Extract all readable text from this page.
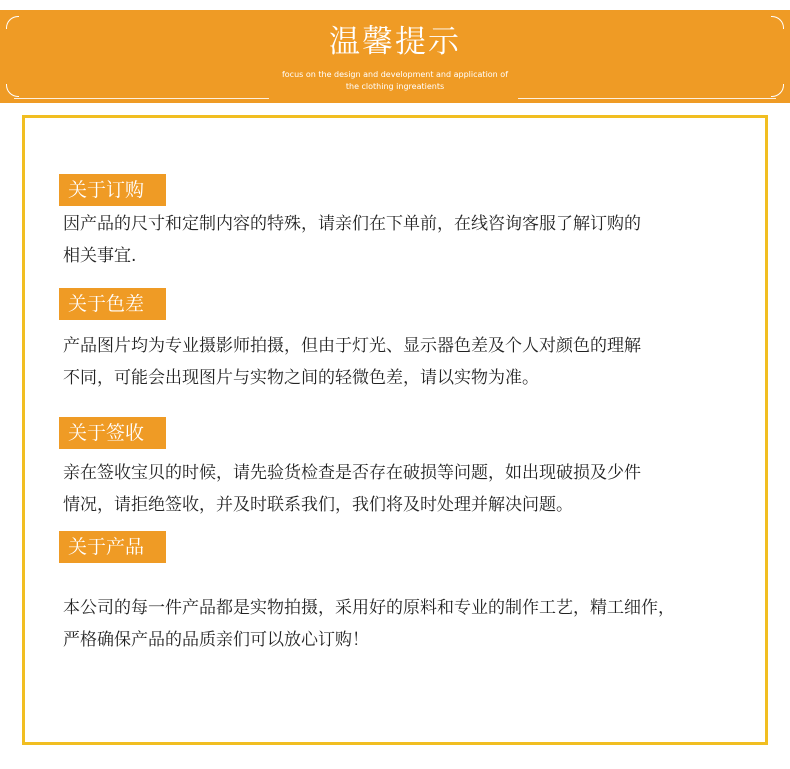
温馨提示
focus on the design and development and application of
the clothing ingreatients
关于订购
因产品的尺寸和定制内容的特殊，请亲们在下单前，在线咨询客服了解订购的
相关事宜.
关于色差
产品图片均为专业摄影师拍摄，但由于灯光、显示器色差及个人对颜色的理解
不同，可能会出现图片与实物之间的轻微色差，请以实物为准。
关于签收
亲在签收宝贝的时候，请先验货检查是否存在破损等问题，如出现破损及少件
情况，请拒绝签收，并及时联系我们，我们将及时处理并解决问题。
关于产品
本公司的每一件产品都是实物拍摄，采用好的原料和专业的制作工艺，精工细作，
严格确保产品的品质亲们可以放心订购！
